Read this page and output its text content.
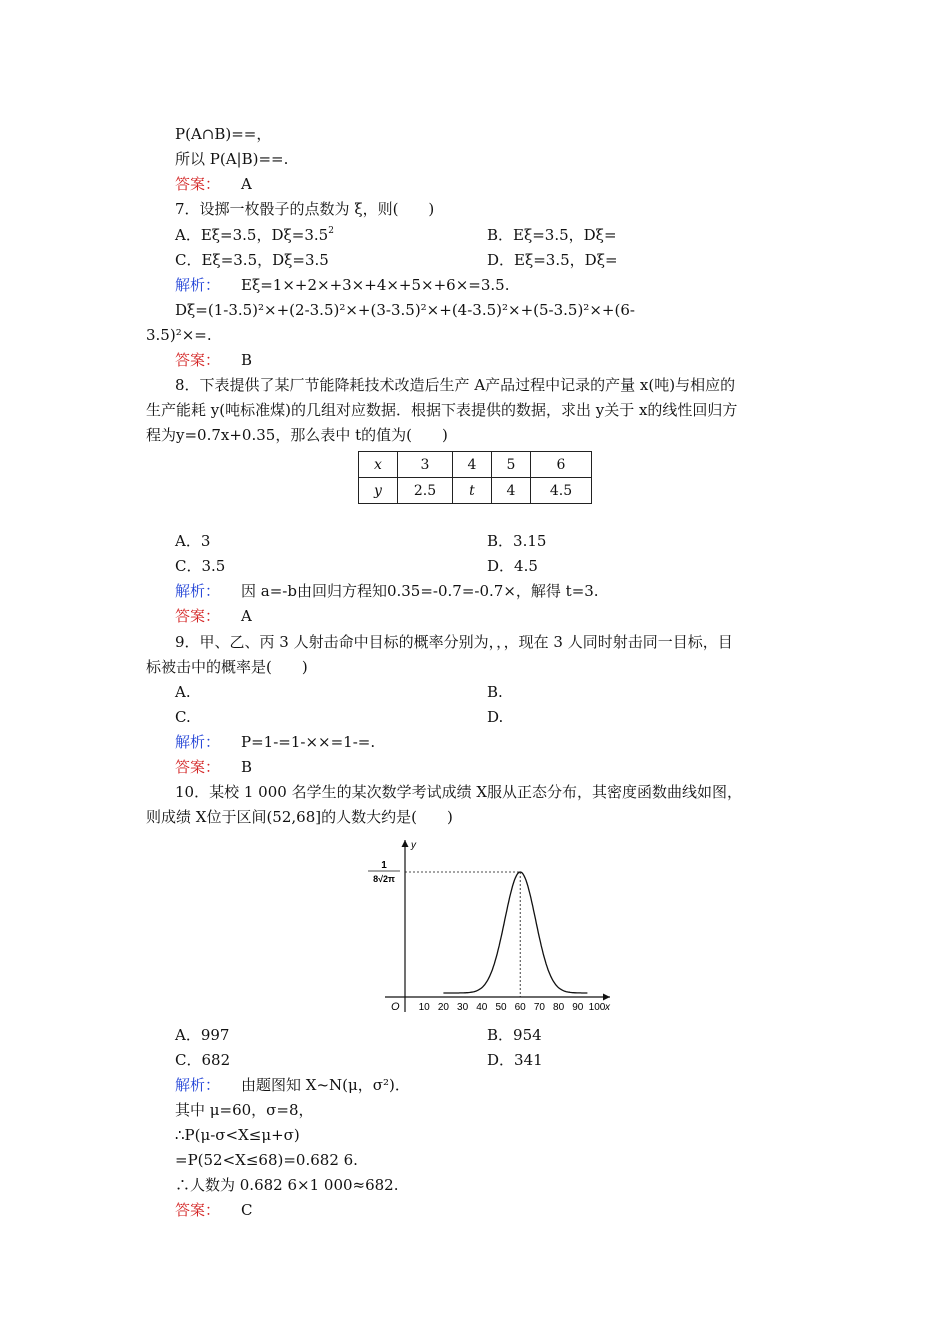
P(A∩B)==，
所以 P(A|B)==.
答案： A
7．设掷一枚骰子的点数为 ξ，则(　　)
A．Eξ=3.5，$D\xi=3.5^2$	B．Eξ=3.5，Dξ=
C．Eξ=3.5，Dξ=3.5	D．Eξ=3.5，Dξ=
解析： Eξ=1×+2×+3×+4×+5×+6×=3.5.
Dξ=(1-3.5)²×+(2-3.5)²×+(3-3.5)²×+(4-3.5)²×+(5-3.5)²×+(6-
3.5)²×=.
答案： B
8．下表提供了某厂节能降耗技术改造后生产 A产品过程中记录的产量 x(吨)与相应的
生产能耗 y(吨标准煤)的几组对应数据．根据下表提供的数据，求出 y关于 x的线性回归方
程为y=0.7x+0.35，那么表中 t的值为(　　)
x	3	4	5	6
y	2.5	t	4	4.5
A．3	B．3.15
C．3.5	D．4.5
解析： 因 a=-b由回归方程知0.35=-0.7=-0.7×，解得 t=3.
答案： A
9．甲、乙、丙 3 人射击命中目标的概率分别为，，，现在 3 人同时射击同一目标，目
标被击中的概率是(　　)
A.	B.
C.	D.
解析： P=1-=1-××=1-=.
答案： B
10．某校 1 000 名学生的某次数学考试成绩 X服从正态分布，其密度函数曲线如图，
则成绩 X位于区间(52,68]的人数大约是(　　)
y
x
O 10 20 30 40 50 60 70 80 90 100
1
8√2π
A．997	B．954
C．682	D．341
解析： 由题图知 X~N(μ，σ²)．
其中 μ=60，σ=8，
∴P(μ-σ<X≤μ+σ)
=P(52<X≤68)=0.682 6.
∴人数为 0.682 6×1 000≈682.
答案： C
